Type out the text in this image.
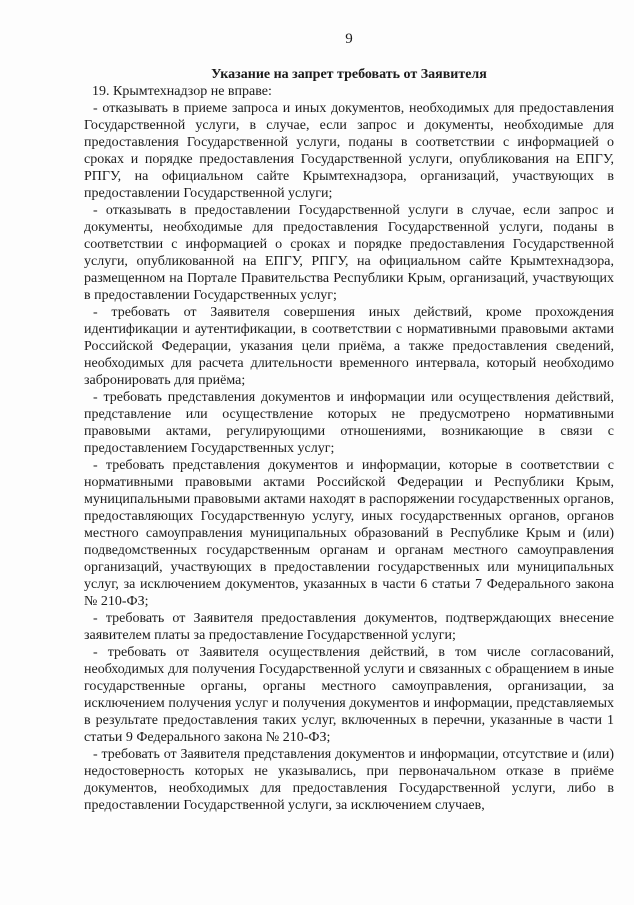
9
Указание на запрет требовать от Заявителя

19. Крымтехнадзор не вправе:

- отказывать в приеме запроса и иных документов, необходимых для предоставления Государственной услуги, в случае, если запрос и документы, необходимые для предоставления Государственной услуги, поданы в соответствии с информацией о сроках и порядке предоставления Государственной услуги, опубликования на ЕПГУ, РПГУ, на официальном сайте Крымтехнадзора, организаций, участвующих в предоставлении Государственной услуги;
- отказывать в предоставлении Государственной услуги в случае, если запрос и документы, необходимые для предоставления Государственной услуги, поданы в соответствии с информацией о сроках и порядке предоставления Государственной услуги, опубликованной на ЕПГУ, РПГУ, на официальном сайте Крымтехнадзора, размещенном на Портале Правительства Республики Крым, организаций, участвующих в предоставлении Государственных услуг;
- требовать от Заявителя совершения иных действий, кроме прохождения идентификации и аутентификации, в соответствии с нормативными правовыми актами Российской Федерации, указания цели приёма, а также предоставления сведений, необходимых для расчета длительности временного интервала, который необходимо забронировать для приёма;
- требовать представления документов и информации или осуществления действий, представление или осуществление которых не предусмотрено нормативными правовыми актами, регулирующими отношениями, возникающие в связи с предоставлением Государственных услуг;
- требовать представления документов и информации, которые в соответствии с нормативными правовыми актами Российской Федерации и Республики Крым, муниципальными правовыми актами находят в распоряжении государственных органов, предоставляющих Государственную услугу, иных государственных органов, органов местного самоуправления муниципальных образований в Республике Крым и (или) подведомственных государственным органам и органам местного самоуправления организаций, участвующих в предоставлении государственных или муниципальных услуг, за исключением документов, указанных в части 6 статьи 7 Федерального закона № 210-ФЗ;
- требовать от Заявителя предоставления документов, подтверждающих внесение заявителем платы за предоставление Государственной услуги;
- требовать от Заявителя осуществления действий, в том числе согласований, необходимых для получения Государственной услуги и связанных с обращением в иные государственные органы, органы местного самоуправления, организации, за исключением получения услуг и получения документов и информации, представляемых в результате предоставления таких услуг, включенных в перечни, указанные в части 1 статьи 9 Федерального закона № 210-ФЗ;
- требовать от Заявителя представления документов и информации, отсутствие и (или) недостоверность которых не указывались, при первоначальном отказе в приёме документов, необходимых для предоставления Государственной услуги, либо в предоставлении Государственной услуги, за исключением случаев,
